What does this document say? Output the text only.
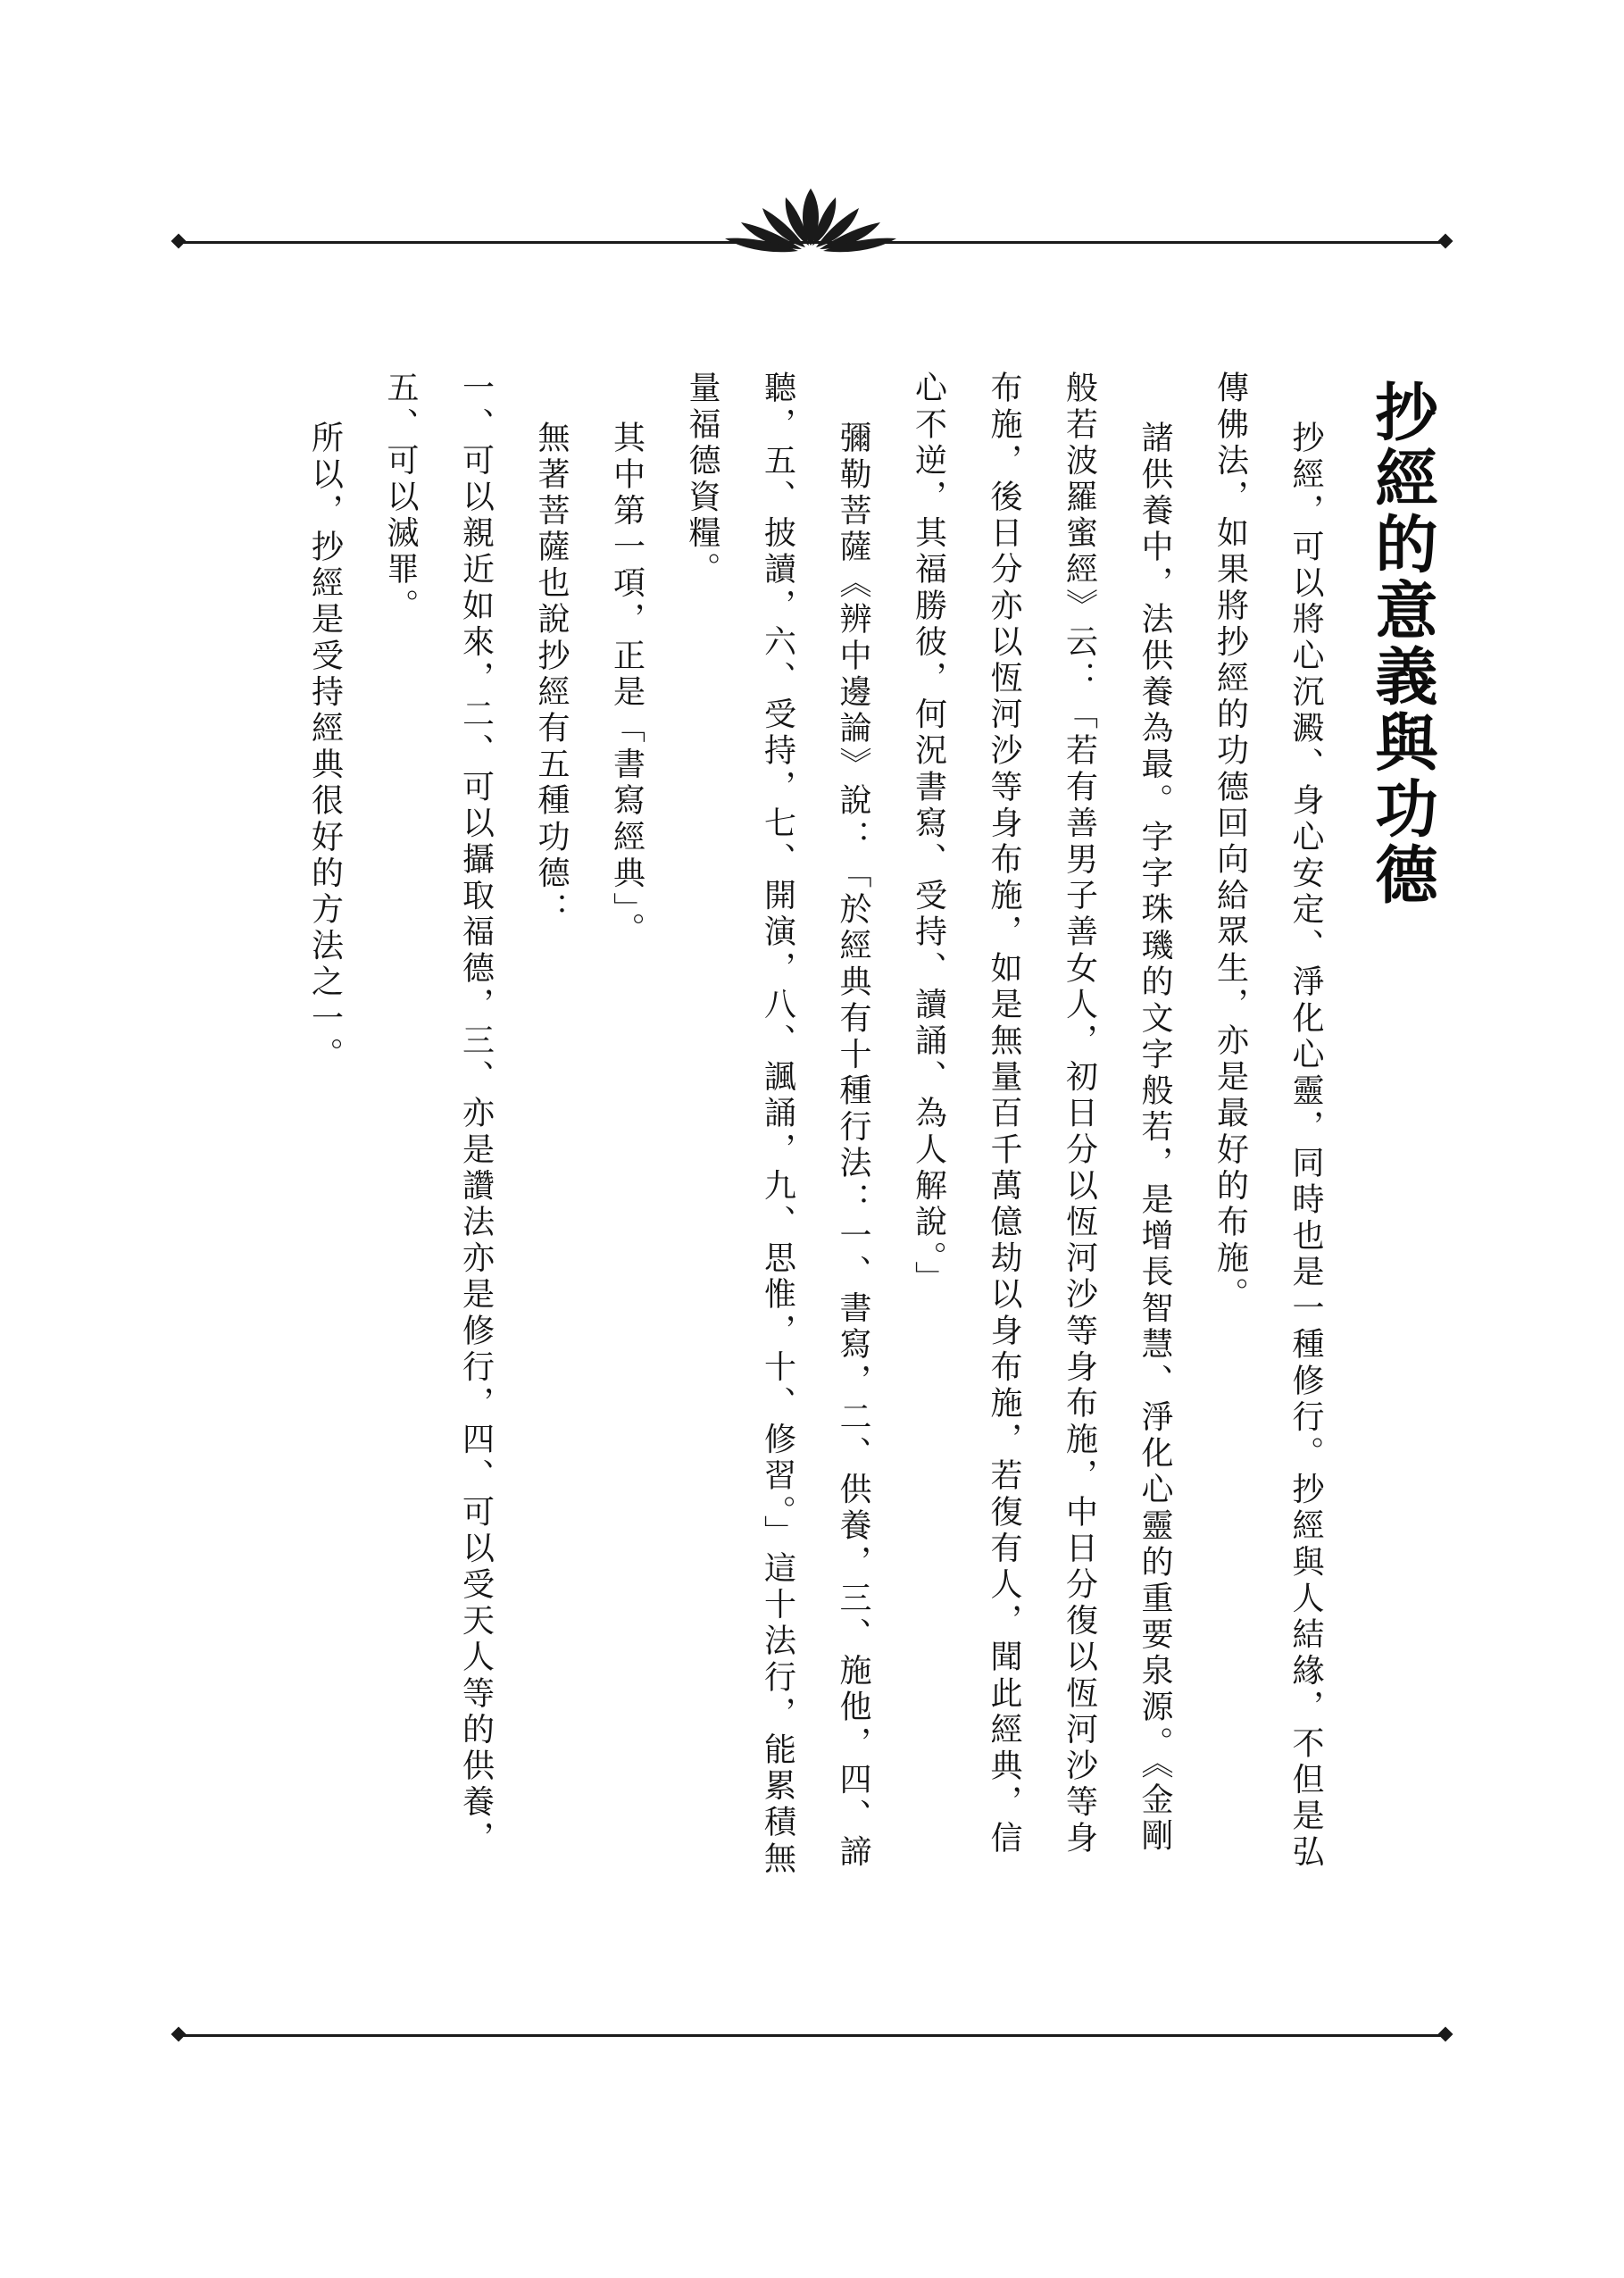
抄經的意義與功德

抄經，可以將心沉澱、身心安定、淨化心靈，同時也是一種修行。抄經與人結緣，不但是弘傳佛法，如果將抄經的功德回向給眾生，亦是最好的布施。

諸供養中，法供養為最。字字珠璣的文字般若，是增長智慧、淨化心靈的重要泉源。《金剛般若波羅蜜經》云：「若有善男子善女人，初日分以恆河沙等身布施，中日分復以恆河沙等身布施，後日分亦以恆河沙等身布施，如是無量百千萬億劫以身布施，若復有人，聞此經典，信心不逆，其福勝彼，何況書寫、受持、讀誦、為人解說。」

彌勒菩薩《辨中邊論》說：「於經典有十種行法：一、書寫，二、供養，三、施他，四、諦聽，五、披讀，六、受持，七、開演，八、諷誦，九、思惟，十、修習。」這十法行，能累積無量福德資糧。

其中第一項，正是「書寫經典」。

無著菩薩也說抄經有五種功德：

一、可以親近如來，二、可以攝取福德，三、亦是讚法亦是修行，四、可以受天人等的供養，五、可以滅罪。

所以，抄經是受持經典很好的方法之一。
